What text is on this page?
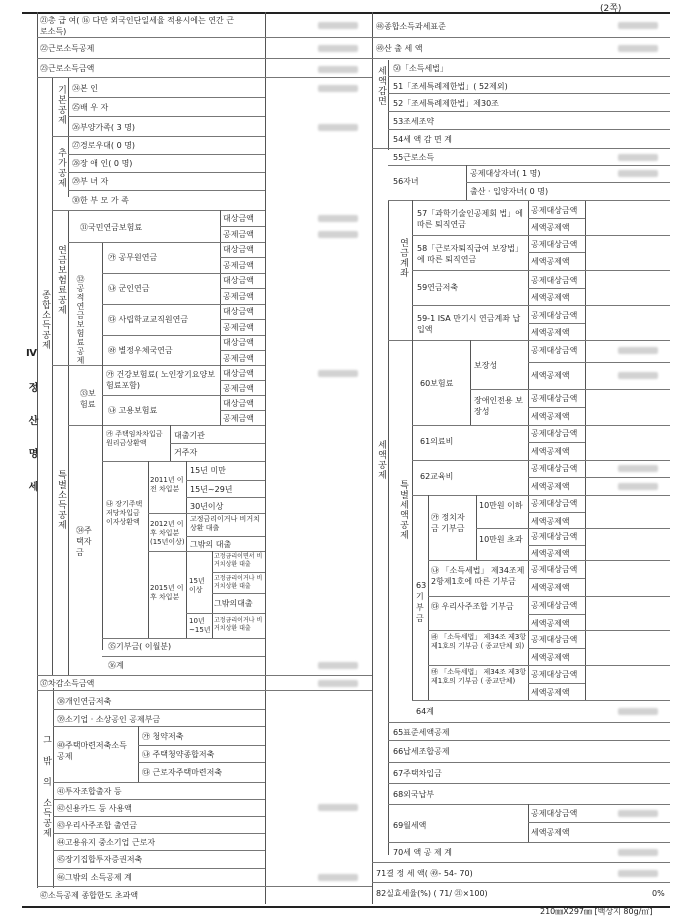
(2쪽)
Ⅳ 정 산 명 세
㉑총 급 여( ⑯ 다만 외국인단일세율 적용시에는 연간 근로소득)
㉒근로소득공제
㉓근로소득금액
기본공제 ㉔본 인
㉕배 우 자
㉖부양가족( 3 명)
추가공제
㉗경로우대( 0 명)
㉘장 애 인( 0 명)
㉙부 녀 자
㉚한 부 모 가 족
종합소득공제
연금보험료공제
㉛국민연금보험료
대상금액
공제금액
㉜공적연금보험료공제
㉮ 공무원연금
㉯ 군인연금
㉰ 사립학교교직원연금
㉱ 별정우체국연금
대상금액
공제금액
대상금액
공제금액
대상금액
공제금액
대상금액
공제금액
㉝보험료
㉮ 건강보험료( 노인장기요양보험료포함)
대상금액
공제금액
㉯ 고용보험료
대상금액
공제금액
특별소득공제
㉞주택자금
㉮ 주택임차차입금원리금상환액
대출기관
거주자
㉯ 장기주택저당차입금이자상환액
2011년 이전 차입분
15년 미만
15년~29년
30년이상
2012년 이후 차입분 (15년이상)
고정금리이거나 비거치상환 대출
그밖의 대출
2015년 이후 차입분
15년 이상
고정금리이면서 비거치상환 대출
고정금리이거나 비거치상환 대출
그밖의대출
10년 ~15년
고정금리이거나 비거치상환 대출
㉟기부금( 이월분)
㊱계
㊲차감소득금액
그 밖 의 소득공제
㊳개인연금저축
㊴소기업 · 소상공인 공제부금
㊵주택마련저축소득공제
㉮ 청약저축
㉯ 주택청약종합저축
㉰ 근로자주택마련저축
㊶투자조합출자 등
㊷신용카드 등 사용액
㊸우리사주조합 출연금
㊹고용유지 중소기업 근로자
㊺장기집합투자증권저축
㊻그밖의 소득공제 계
㊼소득공제 종합한도 초과액
㊽종합소득과세표준
㊾산 출 세 액
세액감면 ㊿「소득세법」
51「조세특례제한법」( 52제외)
52「조세특례제한법」제30조
53조세조약
54세 액 감 면 계
55근로소득
56자녀
공제대상자녀( 1 명)
출산 · 입양자녀( 0 명)
세액공제
연금계좌
57「과학기술인공제회 법」에 따른 퇴직연금
58「근로자퇴직급여 보장법」에 따른 퇴직연금
59연금저축
59-1 ISA 만기시 연금계좌 납입액
공제대상금액
세액공제액
공제대상금액
세액공제액
공제대상금액
세액공제액
공제대상금액
세액공제액
특별세액공제
60보험료
보장성
장애인전용 보장성
공제대상금액
세액공제액
공제대상금액
세액공제액
61의료비
공제대상금액
세액공제액
62교육비
공제대상금액
세액공제액
63기부금
㉮ 정치자금 기부금
10만원 이하
10만원 초과
공제대상금액
세액공제액
공제대상금액
세액공제액
㉯ 「소득세법」 제34조제2항제1호에 따른 기부금
공제대상금액
세액공제액
㉰ 우리사주조합 기부금	공제대상금액
세액공제액
㉱ 「소득세법」 제34조 제3항제1호의 기부금 ( 종교단체 외)
공제대상금액
세액공제액
㉲ 「소득세법」 제34조 제3항제1호의 기부금 ( 종교단체)
공제대상금액
세액공제액
64계
65표준세액공제
66납세조합공제
67주택차입금
68외국납부
69월세액
공제대상금액
세액공제액
70세 액 공 제 계
71결 정 세 액( ㊾- 54- 70)
82실효세율(%) ( 71/ ㉑×100)	0%
210㎜X297㎜ [백상지 80g/㎡]
